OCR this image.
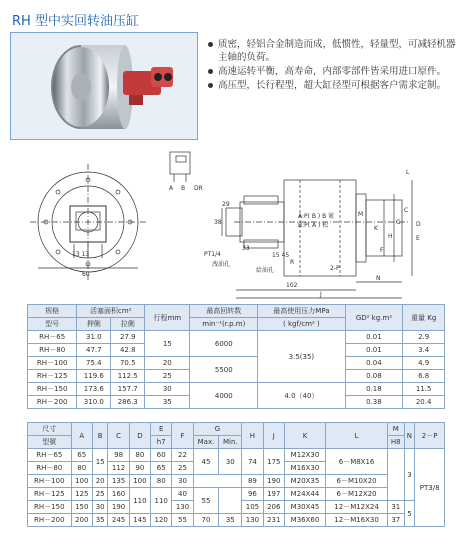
RH 型中实回转油压缸
质密，轻铝合金制造而成，低惯性，轻量型，可减轻机器主轴的负荷。
高速运转平衡，高寿命，内部零部件皆采用进口原件。
高压型，长行程型，超大缸径型可根据客户需求定制。
13 13
60
A B DR
A:P( B ) B 紧
B:P( A ) 松
PT1/4
洩油孔
給油孔
38
33
15 45
102
J
N
2-P
R
29
L
M
K
H
G
C
D
E
F
规格	活塞面积cm²		行程mm	最高回转数	最高使用压力MPa	GD² kg.m²	重量 Kg
型号	押側	拉側		min⁻¹(r.p.m)	( kgf/cm² )		
RH－65	31.0	27.9	15	6000	3.5(35)	0.01	2.9
RH－80	47.7	42.8				0.01	3.4
RH－100	75.4	70.5	20	5500		0.04	4.9
RH－125	119.6	112.5	25			0.08	6.8
RH－150	173.6	157.7	30	4000	4.0（40）	0.18	11.5
RH－200	310.0	286.3	35			0.38	20.4
尺寸	A	B	C	D	E	F	G		H	J	K	L	M	N	2－P
型號					h7		Max.	Min.					H8		
RH－65	65	15	98	80	60	22	45	30	74	175	M12X30	6－M8X16		3	PT3/8
RH－80	80		112	90	65	25					M16X30				
RH－100	100	20	135	100	80	30			89	190	M20X35	6－M10X20			
RH－125	125	25	160	110	110	40	55		96	197	M24X44	6－M12X20			
RH－150	150	30	190			130			105	206	M30X45	12－M12X24	31	5	
RH－200	200	35	245	145	120	55	70	35	130	231	M36X60	12－M16X30	37		
